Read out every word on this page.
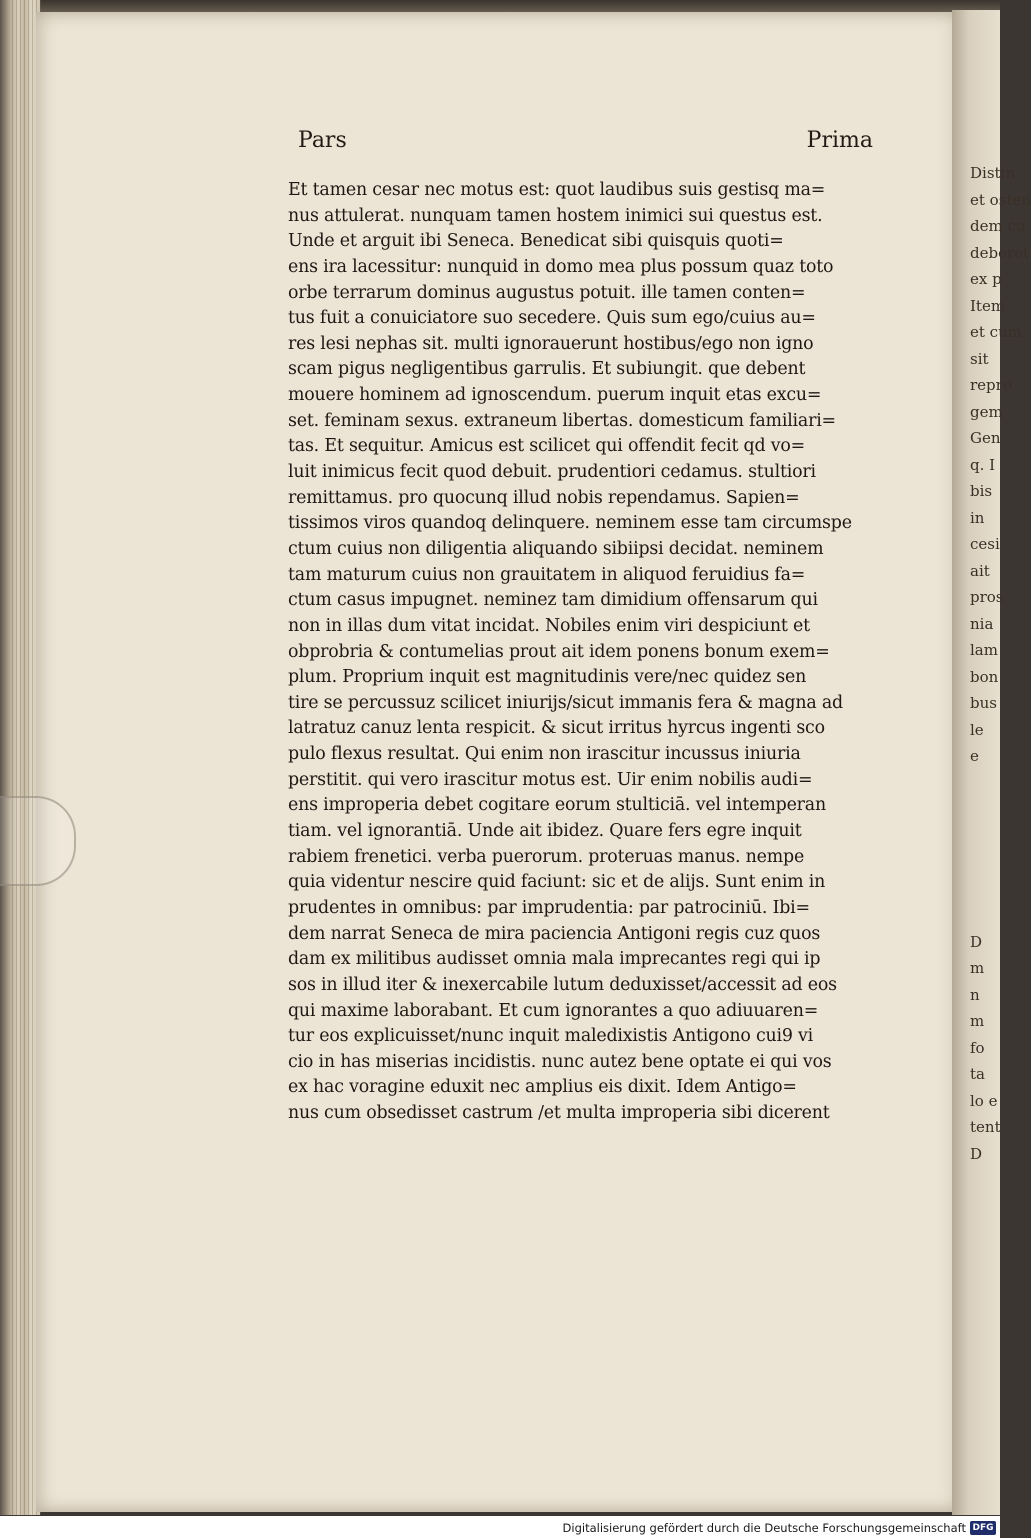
Distin
et osten
dem cu
deberet
ex p
Item
et cum
sit
repro
gem
Gen
q. I
bis
in
cesi
ait
pros
nia
lam
bon
bus
le
e
D
m
n
m
fo
ta
lo e
tent
D
Pars	Prima
Et tamen cesar nec motus est: quot laudibus suis gestisq ma=
nus attulerat. nunquam tamen hostem inimici sui questus est.
Unde et arguit ibi Seneca. Benedicat sibi quisquis quoti=
ens ira lacessitur: nunquid in domo mea plus possum quaz toto
orbe terrarum dominus augustus potuit. ille tamen conten=
tus fuit a conuiciatore suo secedere. Quis sum ego/cuius au=
res lesi nephas sit. multi ignorauerunt hostibus/ego non igno
scam pigus negligentibus garrulis. Et subiungit. que debent
mouere hominem ad ignoscendum. puerum inquit etas excu=
set. feminam sexus. extraneum libertas. domesticum familiari=
tas. Et sequitur. Amicus est scilicet qui offendit fecit qd vo=
luit inimicus fecit quod debuit. prudentiori cedamus. stultiori
remittamus. pro quocunq illud nobis rependamus. Sapien=
tissimos viros quandoq delinquere. neminem esse tam circumspe
ctum cuius non diligentia aliquando sibiipsi decidat. neminem
tam maturum cuius non grauitatem in aliquod feruidius fa=
ctum casus impugnet. neminez tam dimidium offensarum qui
non in illas dum vitat incidat. Nobiles enim viri despiciunt et
obprobria & contumelias prout ait idem ponens bonum exem=
plum. Proprium inquit est magnitudinis vere/nec quidez sen
tire se percussuz scilicet iniurijs/sicut immanis fera & magna ad
latratuz canuz lenta respicit. & sicut irritus hyrcus ingenti sco
pulo flexus resultat. Qui enim non irascitur incussus iniuria
perstitit. qui vero irascitur motus est. Uir enim nobilis audi=
ens improperia debet cogitare eorum stulticiā. vel intemperan
tiam. vel ignorantiā. Unde ait ibidez. Quare fers egre inquit
rabiem frenetici. verba puerorum. proteruas manus. nempe
quia videntur nescire quid faciunt: sic et de alijs. Sunt enim in
prudentes in omnibus: par imprudentia: par patrociniū. Ibi=
dem narrat Seneca de mira paciencia Antigoni regis cuz quos
dam ex militibus audisset omnia mala imprecantes regi qui ip
sos in illud iter & inexercabile lutum deduxisset/accessit ad eos
qui maxime laborabant. Et cum ignorantes a quo adiuuaren=
tur eos explicuisset/nunc inquit maledixistis Antigono cui9 vi
cio in has miserias incidistis. nunc autez bene optate ei qui vos
ex hac voragine eduxit nec amplius eis dixit. Idem Antigo=
nus cum obsedisset castrum /et multa improperia sibi dicerent
Digitalisierung gefördert durch die Deutsche Forschungsgemeinschaft DFG
